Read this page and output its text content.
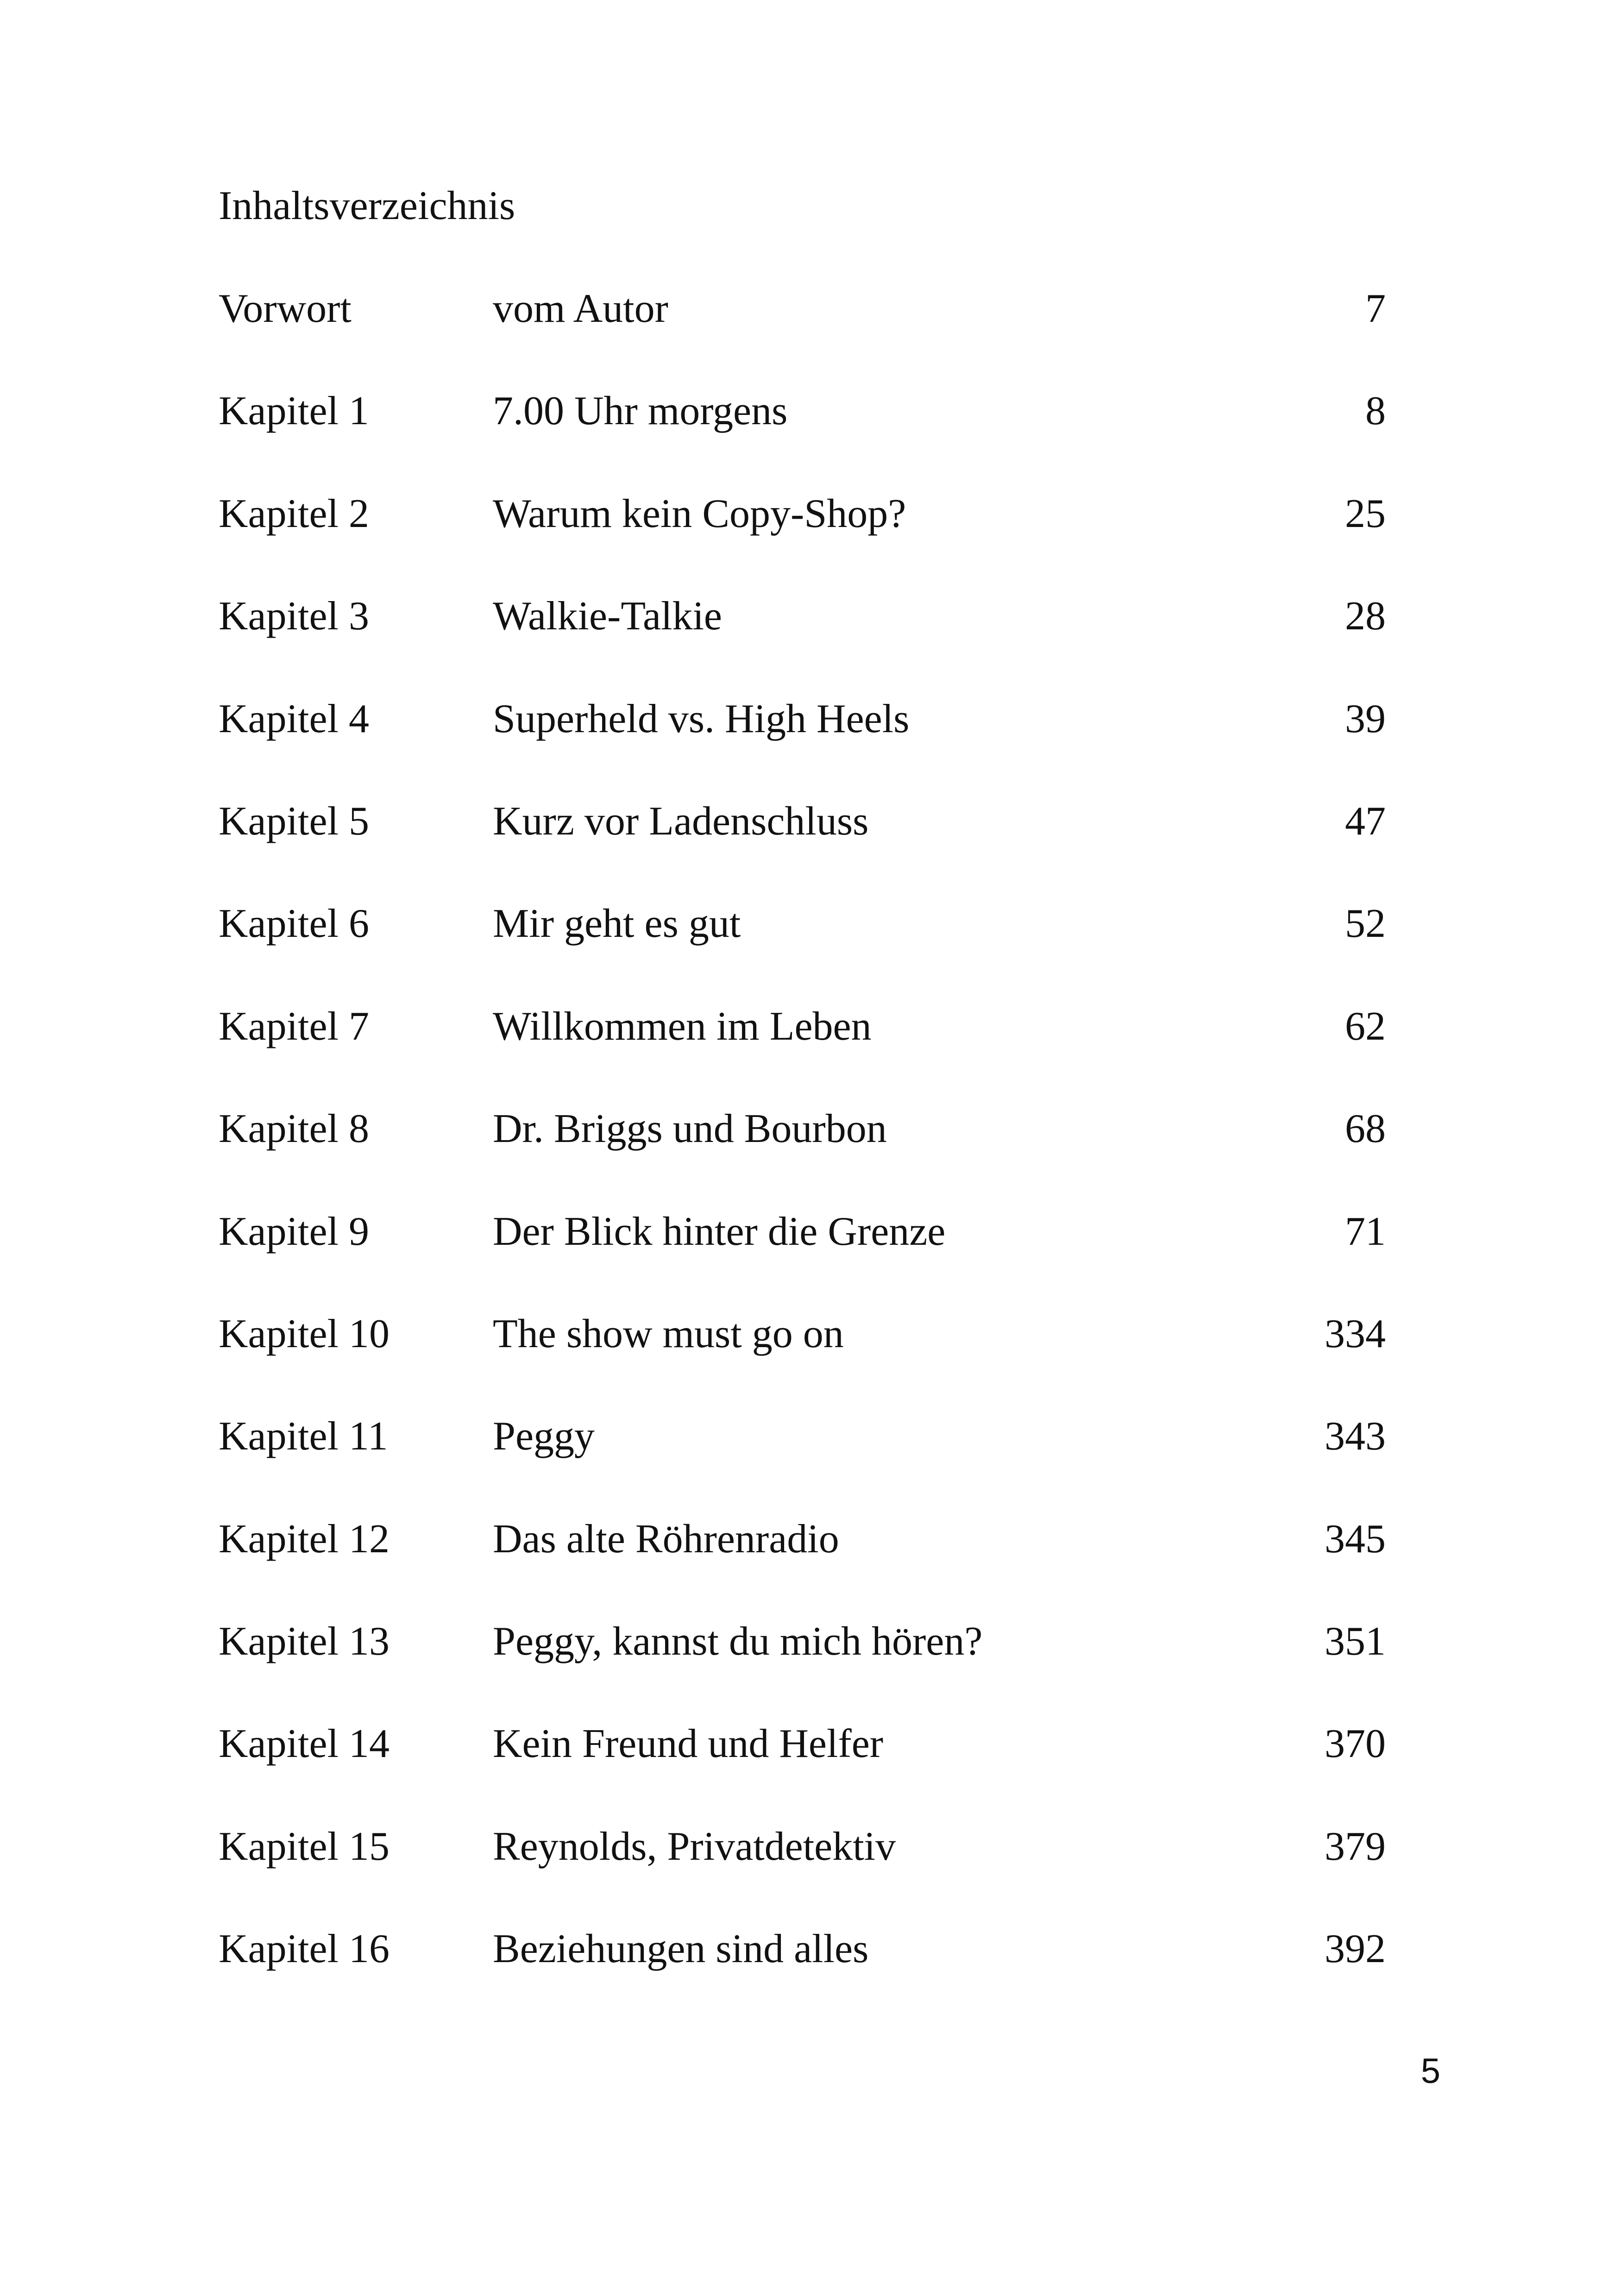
Inhaltsverzeichnis
Vorwort	vom Autor	7
Kapitel 1	7.00 Uhr morgens	8
Kapitel 2	Warum kein Copy-Shop?	25
Kapitel 3	Walkie-Talkie	28
Kapitel 4	Superheld vs. High Heels	39
Kapitel 5	Kurz vor Ladenschluss	47
Kapitel 6	Mir geht es gut	52
Kapitel 7	Willkommen im Leben	62
Kapitel 8	Dr. Briggs und Bourbon	68
Kapitel 9	Der Blick hinter die Grenze	71
Kapitel 10	The show must go on	334
Kapitel 11	Peggy	343
Kapitel 12	Das alte Röhrenradio	345
Kapitel 13	Peggy, kannst du mich hören?	351
Kapitel 14	Kein Freund und Helfer	370
Kapitel 15	Reynolds, Privatdetektiv	379
Kapitel 16	Beziehungen sind alles	392
5
